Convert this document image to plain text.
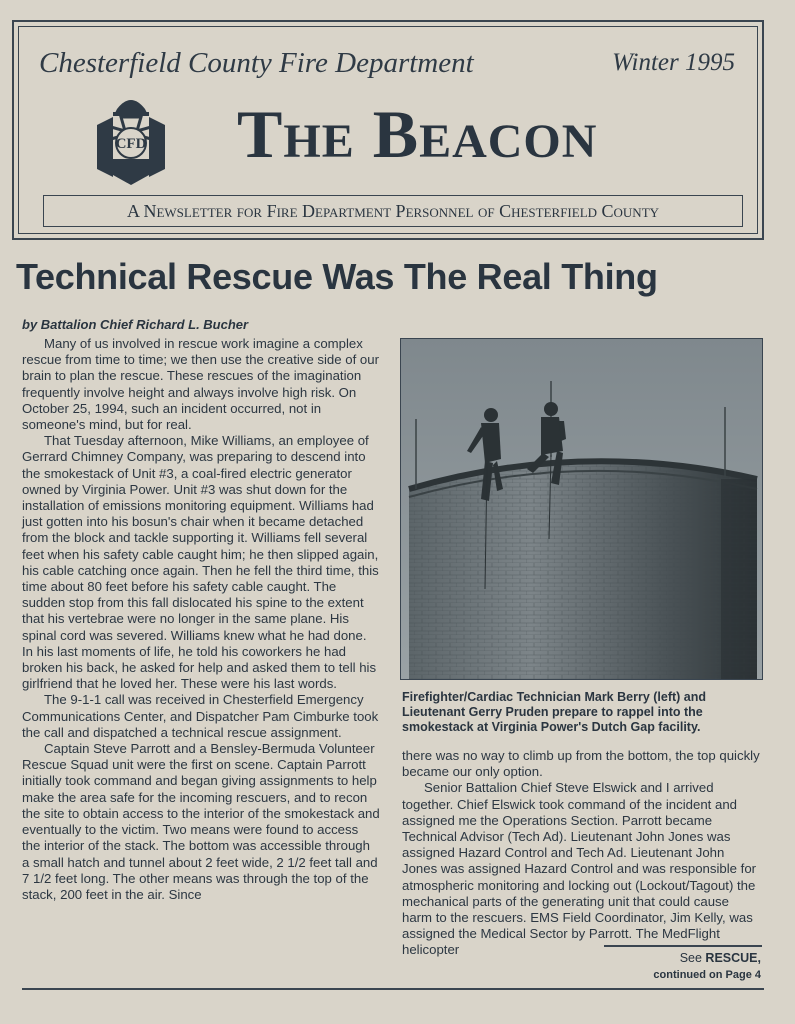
Chesterfield County Fire Department	Winter 1995
CFD The Beacon
A Newsletter for Fire Department Personnel of Chesterfield County
Technical Rescue Was The Real Thing
by Battalion Chief Richard L. Bucher

Many of us involved in rescue work imagine a complex rescue from time to time; we then use the creative side of our brain to plan the rescue. These rescues of the imagination frequently involve height and always involve high risk. On October 25, 1994, such an incident occurred, not in someone's mind, but for real.

That Tuesday afternoon, Mike Williams, an employee of Gerrard Chimney Company, was preparing to descend into the smokestack of Unit #3, a coal-fired electric generator owned by Virginia Power. Unit #3 was shut down for the installation of emissions monitoring equipment. Williams had just gotten into his bosun's chair when it became detached from the block and tackle supporting it. Williams fell several feet when his safety cable caught him; he then slipped again, his cable catching once again. Then he fell the third time, this time about 80 feet before his safety cable caught. The sudden stop from this fall dislocated his spine to the extent that his vertebrae were no longer in the same plane. His spinal cord was severed. Williams knew what he had done. In his last moments of life, he told his coworkers he had broken his back, he asked for help and asked them to tell his girlfriend that he loved her. These were his last words.

The 9-1-1 call was received in Chesterfield Emergency Communications Center, and Dispatcher Pam Cimburke took the call and dispatched a technical rescue assignment.

Captain Steve Parrott and a Bensley-Bermuda Volunteer Rescue Squad unit were the first on scene. Captain Parrott initially took command and began giving assignments to help make the area safe for the incoming rescuers, and to recon the site to obtain access to the interior of the smokestack and eventually to the victim. Two means were found to access the interior of the stack. The bottom was accessible through a small hatch and tunnel about 2 feet wide, 2 1/2 feet tall and 7 1/2 feet long. The other means was through the top of the stack, 200 feet in the air. Since

Firefighter/Cardiac Technician Mark Berry (left) and Lieutenant Gerry Pruden prepare to rappel into the smokestack at Virginia Power's Dutch Gap facility.

there was no way to climb up from the bottom, the top quickly became our only option.

Senior Battalion Chief Steve Elswick and I arrived together. Chief Elswick took command of the incident and assigned me the Operations Section. Parrott became Technical Advisor (Tech Ad). Lieutenant John Jones was assigned Hazard Control and Tech Ad. Lieutenant John Jones was assigned Hazard Control and was responsible for atmospheric monitoring and locking out (Lockout/Tagout) the mechanical parts of the generating unit that could cause harm to the rescuers. EMS Field Coordinator, Jim Kelly, was assigned the Medical Sector by Parrott. The MedFlight helicopter

See RESCUE,
continued on Page 4
